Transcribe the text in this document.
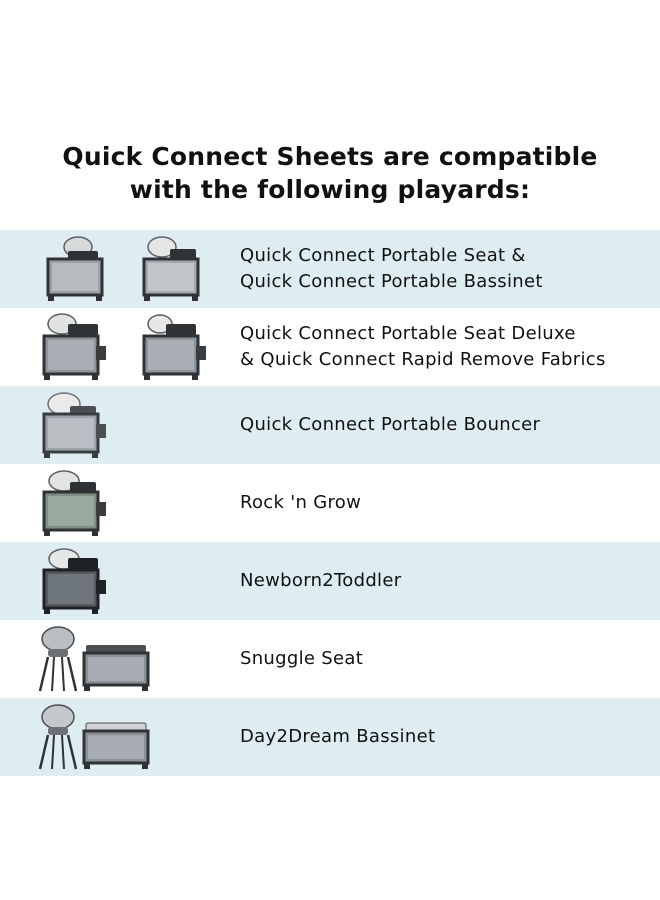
Quick Connect Sheets are compatible
with the following playards:
Quick Connect Portable Seat &
Quick Connect Portable Bassinet
Quick Connect Portable Seat Deluxe
& Quick Connect Rapid Remove Fabrics
Quick Connect Portable Bouncer
Rock 'n Grow
Newborn2Toddler
Snuggle Seat
Day2Dream Bassinet
